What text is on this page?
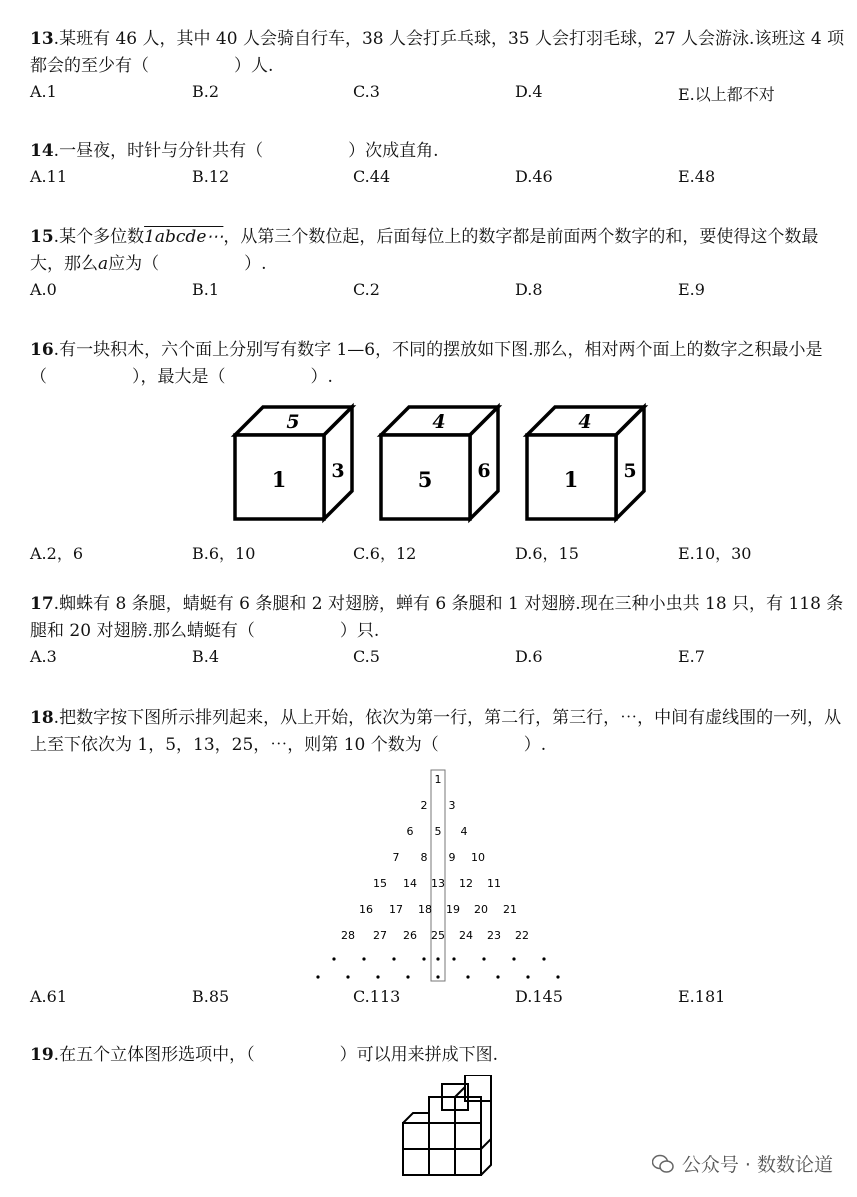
13.某班有 46 人，其中 40 人会骑自行车，38 人会打乒乓球，35 人会打羽毛球，27 人会游泳.该班这 4 项都会的至少有（　　　　　）人.
A.1	B.2	C.3	D.4	E.以上都不对
14.一昼夜，时针与分针共有（　　　　　）次成直角.
A.11	B.12	C.44	D.46	E.48
15.某个多位数1abcde⋯，从第三个数位起，后面每位上的数字都是前面两个数字的和，要使得这个数最大，那么a应为（　　　　　）.
A.0	B.1	C.2	D.8	E.9
16.有一块积木，六个面上分别写有数字 1—6，不同的摆放如下图.那么，相对两个面上的数字之积最小是（　　　　　），最大是（　　　　　）.
5
1 3
4
5 6
4
1 5
A.2，6	B.6，10	C.6，12	D.6，15	E.10，30
17.蜘蛛有 8 条腿，蜻蜓有 6 条腿和 2 对翅膀，蝉有 6 条腿和 1 对翅膀.现在三种小虫共 18 只，有 118 条腿和 20 对翅膀.那么蜻蜓有（　　　　　）只.
A.3	B.4	C.5	D.6	E.7
18.把数字按下图所示排列起来，从上开始，依次为第一行，第二行，第三行，⋯，中间有虚线围的一列，从上至下依次为 1，5，13，25，⋯，则第 10 个数为（　　　　　）.
1
2 3
6 5 4
7 8 9 10
15 14 13 12 11
16 17 18 19 20 21
28 27 26 25 24 23 22
A.61	B.85	C.113	D.145	E.181
19.在五个立体图形选项中，（　　　　　）可以用来拼成下图.
公众号 · 数数论道
